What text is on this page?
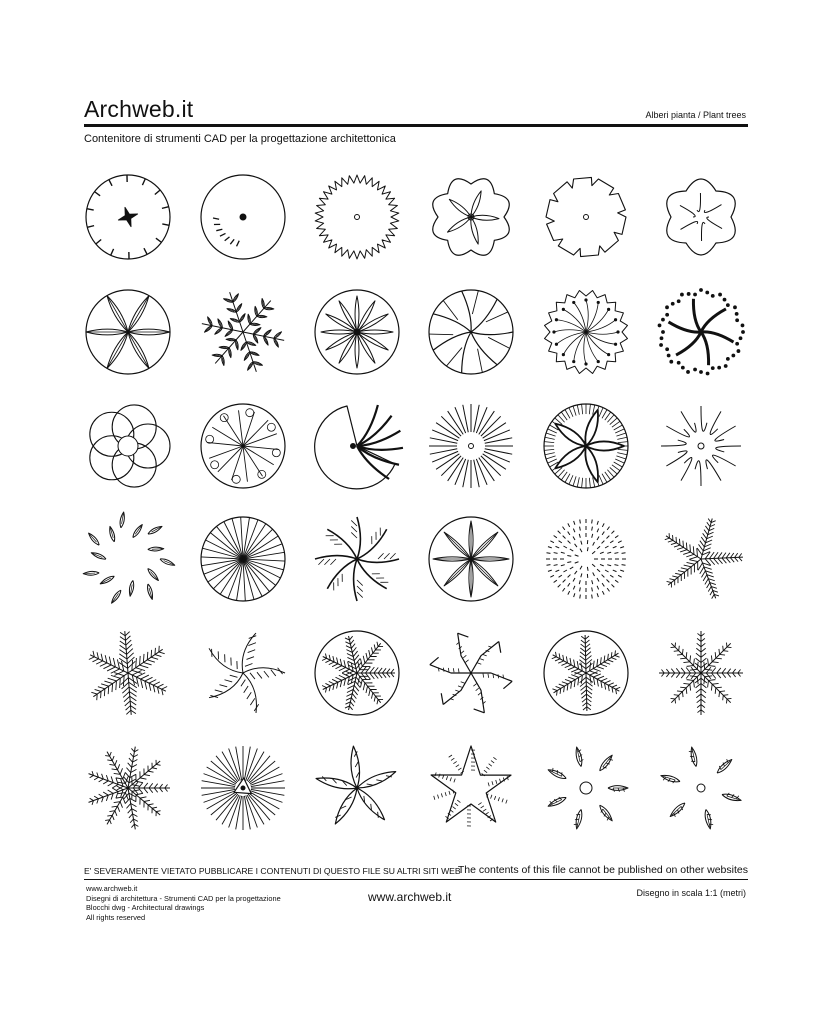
Archweb.it	Alberi pianta / Plant trees
Contenitore di strumenti CAD per la progettazione architettonica
E' SEVERAMENTE VIETATO PUBBLICARE I CONTENUTI DI QUESTO FILE SU ALTRI SITI WEB
The contents of this file cannot be published on other websites
www.archweb.it
Disegni di architettura - Strumenti CAD per la progettazione
Blocchi dwg - Architectural drawings
All rights reserved
www.archweb.it	Disegno in scala 1:1 (metri)
